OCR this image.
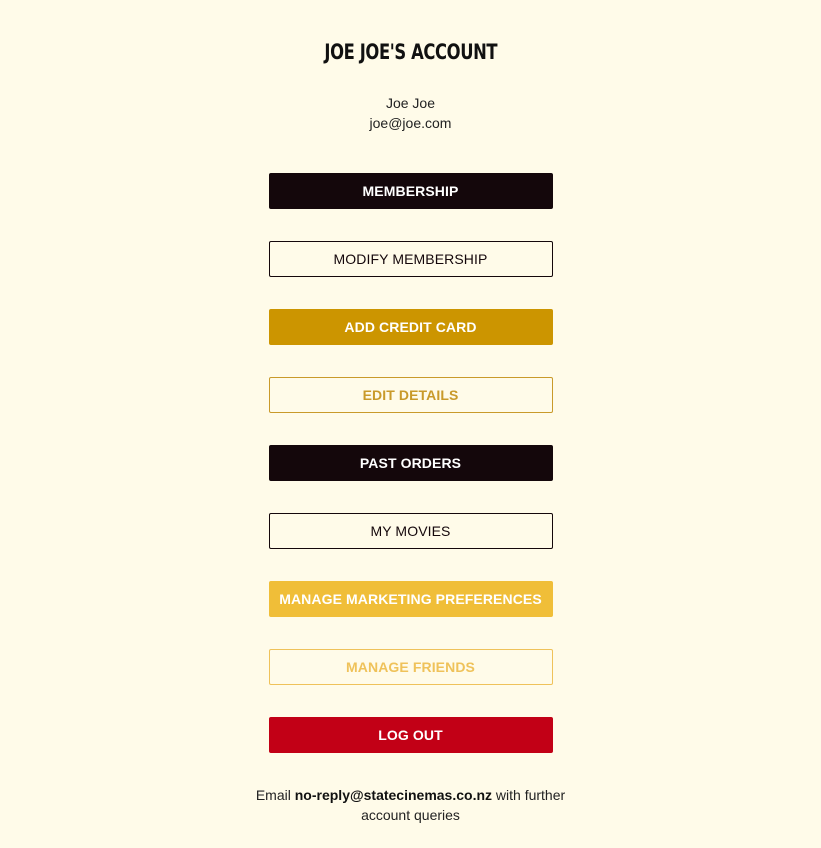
JOE JOE'S ACCOUNT
Joe Joe
joe@joe.com
MEMBERSHIP
MODIFY MEMBERSHIP
ADD CREDIT CARD
EDIT DETAILS
PAST ORDERS
MY MOVIES
MANAGE MARKETING PREFERENCES
MANAGE FRIENDS
LOG OUT
Email no-reply@statecinemas.co.nz with further account queries
